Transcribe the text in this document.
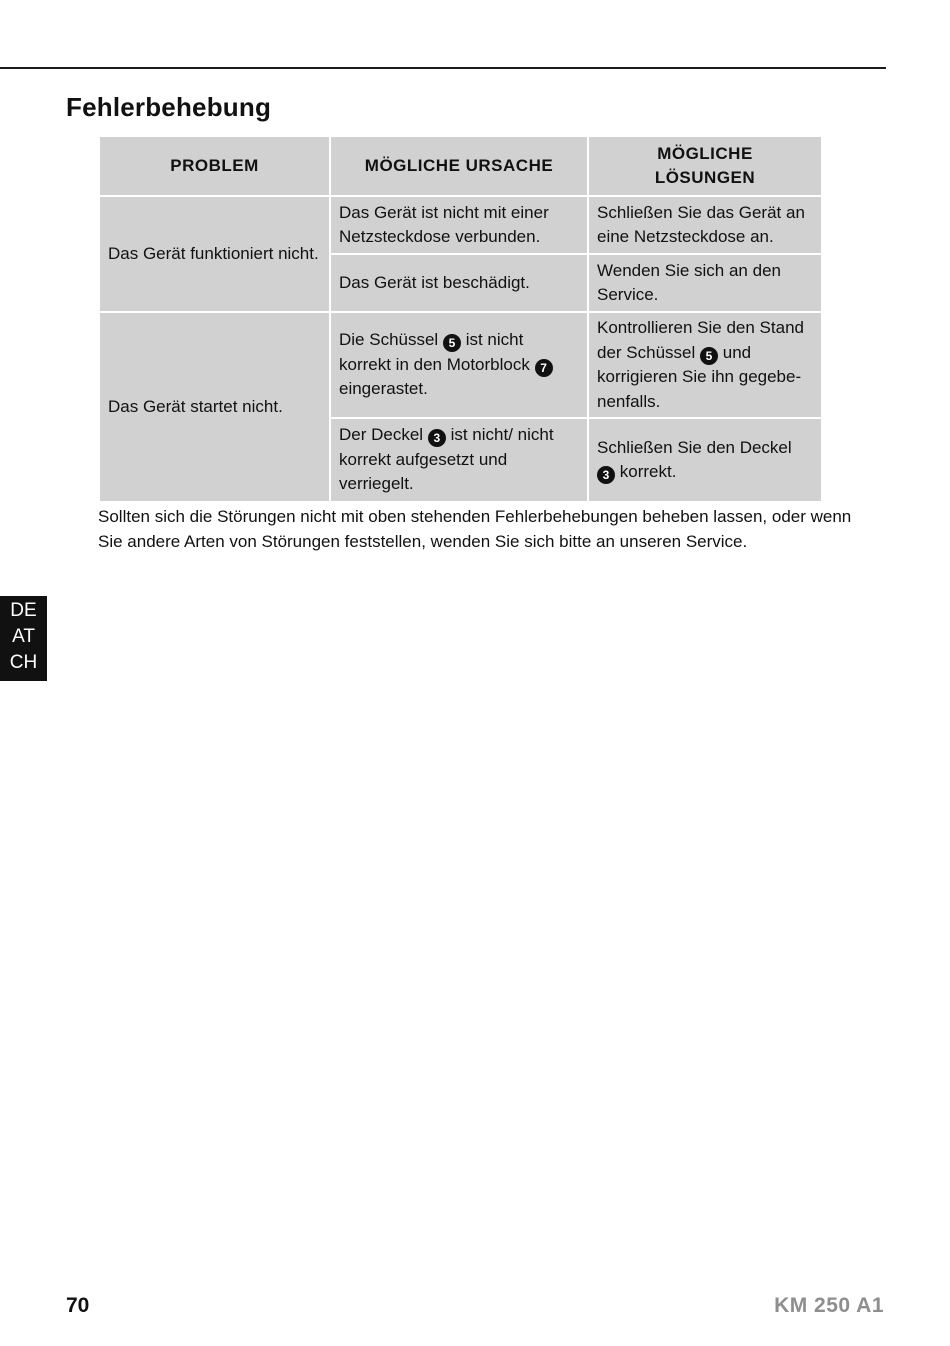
Fehlerbehebung
PROBLEM	MÖGLICHE URSACHE	MÖGLICHE LÖSUNGEN
Das Gerät funktioniert nicht.	Das Gerät ist nicht mit einer Netzsteckdose verbunden.	Schließen Sie das Gerät an eine Netzsteckdose an.
	Das Gerät ist beschädigt.	Wenden Sie sich an den Service.
Das Gerät startet nicht.	Die Schüssel 5 ist nicht korrekt in den Motorblock 7 eingerastet.	Kontrollieren Sie den Stand der Schüssel 5 und korrigieren Sie ihn gegebe-nenfalls.
	Der Deckel 3 ist nicht/ nicht korrekt aufgesetzt und verriegelt.	Schließen Sie den Deckel 3 korrekt.

Sollten sich die Störungen nicht mit oben stehenden Fehlerbehebungen beheben lassen, oder wenn Sie andere Arten von Störungen feststellen, wenden Sie sich bitte an unseren Service.

DE
AT
CH
70	KM 250 A1
